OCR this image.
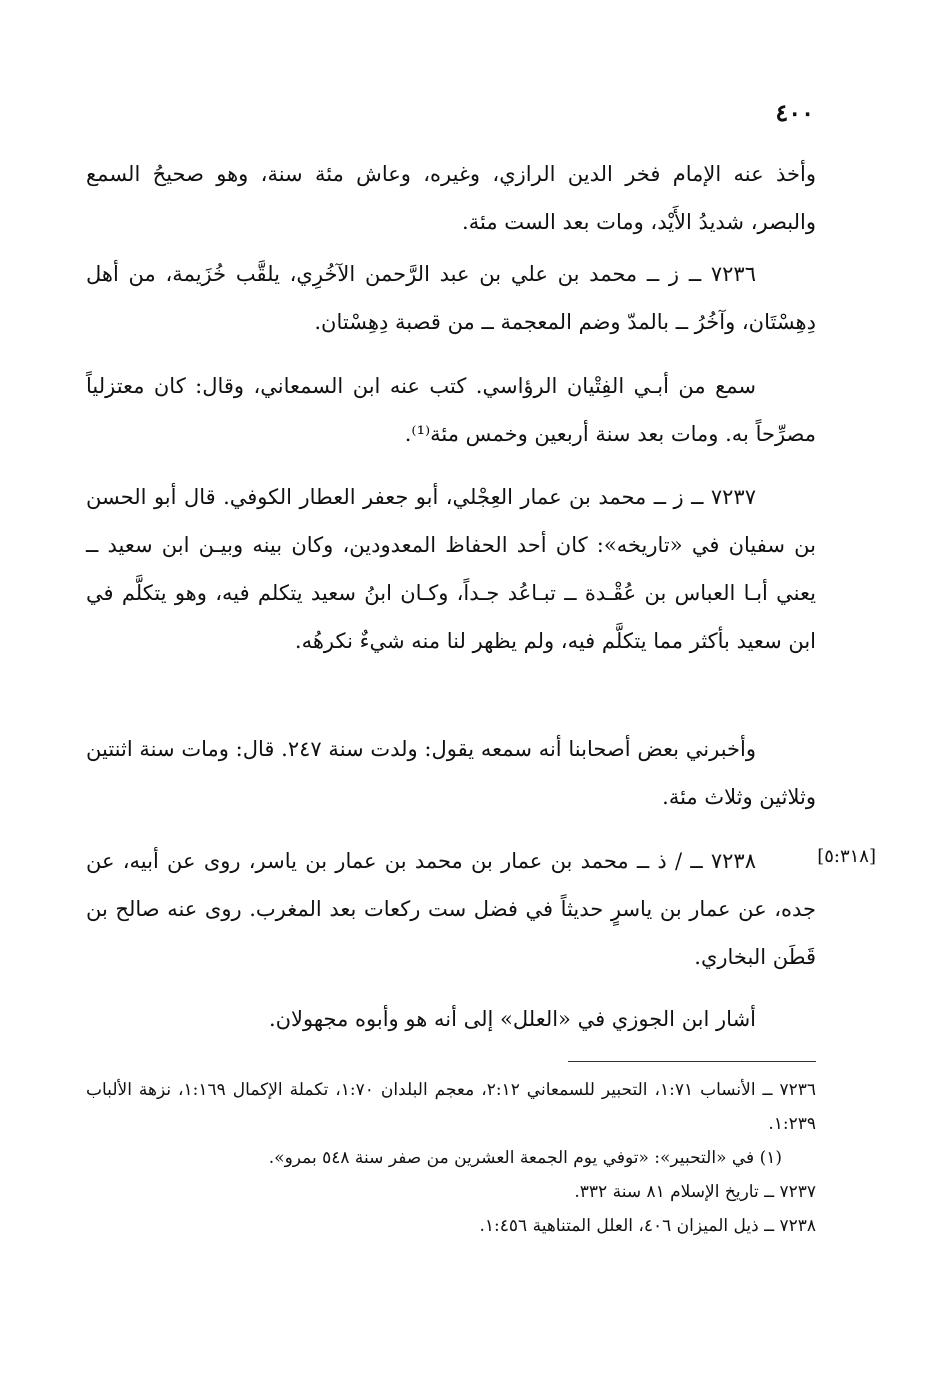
٤٠٠

وأخذ عنه الإمام فخر الدين الرازي، وغيره، وعاش مئة سنة، وهو صحيحُ السمع والبصر، شديدُ الأَيْد، ومات بعد الست مئة.

٧٢٣٦ ــ ز ــ محمد بن علي بن عبد الرَّحمن الآخُرِي، يلقَّب خُزَيمة، من أهل دِهِسْتَان، وآخُرُ ــ بالمدّ وضم المعجمة ــ من قصبة دِهِسْتان.

سمع من أبـي الفِتْيان الرؤاسي. كتب عنه ابن السمعاني، وقال: كان معتزلياً مصرِّحاً به. ومات بعد سنة أربعين وخمس مئة⁽¹⁾.

٧٢٣٧ ــ ز ــ محمد بن عمار العِجْلي، أبو جعفر العطار الكوفي. قال أبو الحسن بن سفيان في «تاريخه»: كان أحد الحفاظ المعدودين، وكان بينه وبيـن ابن سعيد ــ يعني أبـا العباس بن عُقْـدة ــ تبـاعُد جـداً، وكـان ابنُ سعيد يتكلم فيه، وهو يتكلَّم في ابن سعيد بأكثر مما يتكلَّم فيه، ولم يظهر لنا منه شيءٌ نكرهُه.

وأخبرني بعض أصحابنا أنه سمعه يقول: ولدت سنة ٢٤٧. قال: ومات سنة اثنتين وثلاثين وثلاث مئة.

[٥:٣١٨]

٧٢٣٨ ــ / ذ ــ محمد بن عمار بن محمد بن عمار بن ياسر، روى عن أبيه، عن جده، عن عمار بن ياسرٍ حديثاً في فضل ست ركعات بعد المغرب. روى عنه صالح بن قَطَن البخاري.

أشار ابن الجوزي في «العلل» إلى أنه هو وأبوه مجهولان.

٧٢٣٦ ــ الأنساب ١:٧١، التحبير للسمعاني ٢:١٢، معجم البلدان ١:٧٠، تكملة الإكمال ١:١٦٩، نزهة الألباب ١:٢٣٩.

(١) في «التحبير»: «توفي يوم الجمعة العشرين من صفر سنة ٥٤٨ بمرو».

٧٢٣٧ ــ تاريخ الإسلام ٨١ سنة ٣٣٢.

٧٢٣٨ ــ ذيل الميزان ٤٠٦، العلل المتناهية ١:٤٥٦.
